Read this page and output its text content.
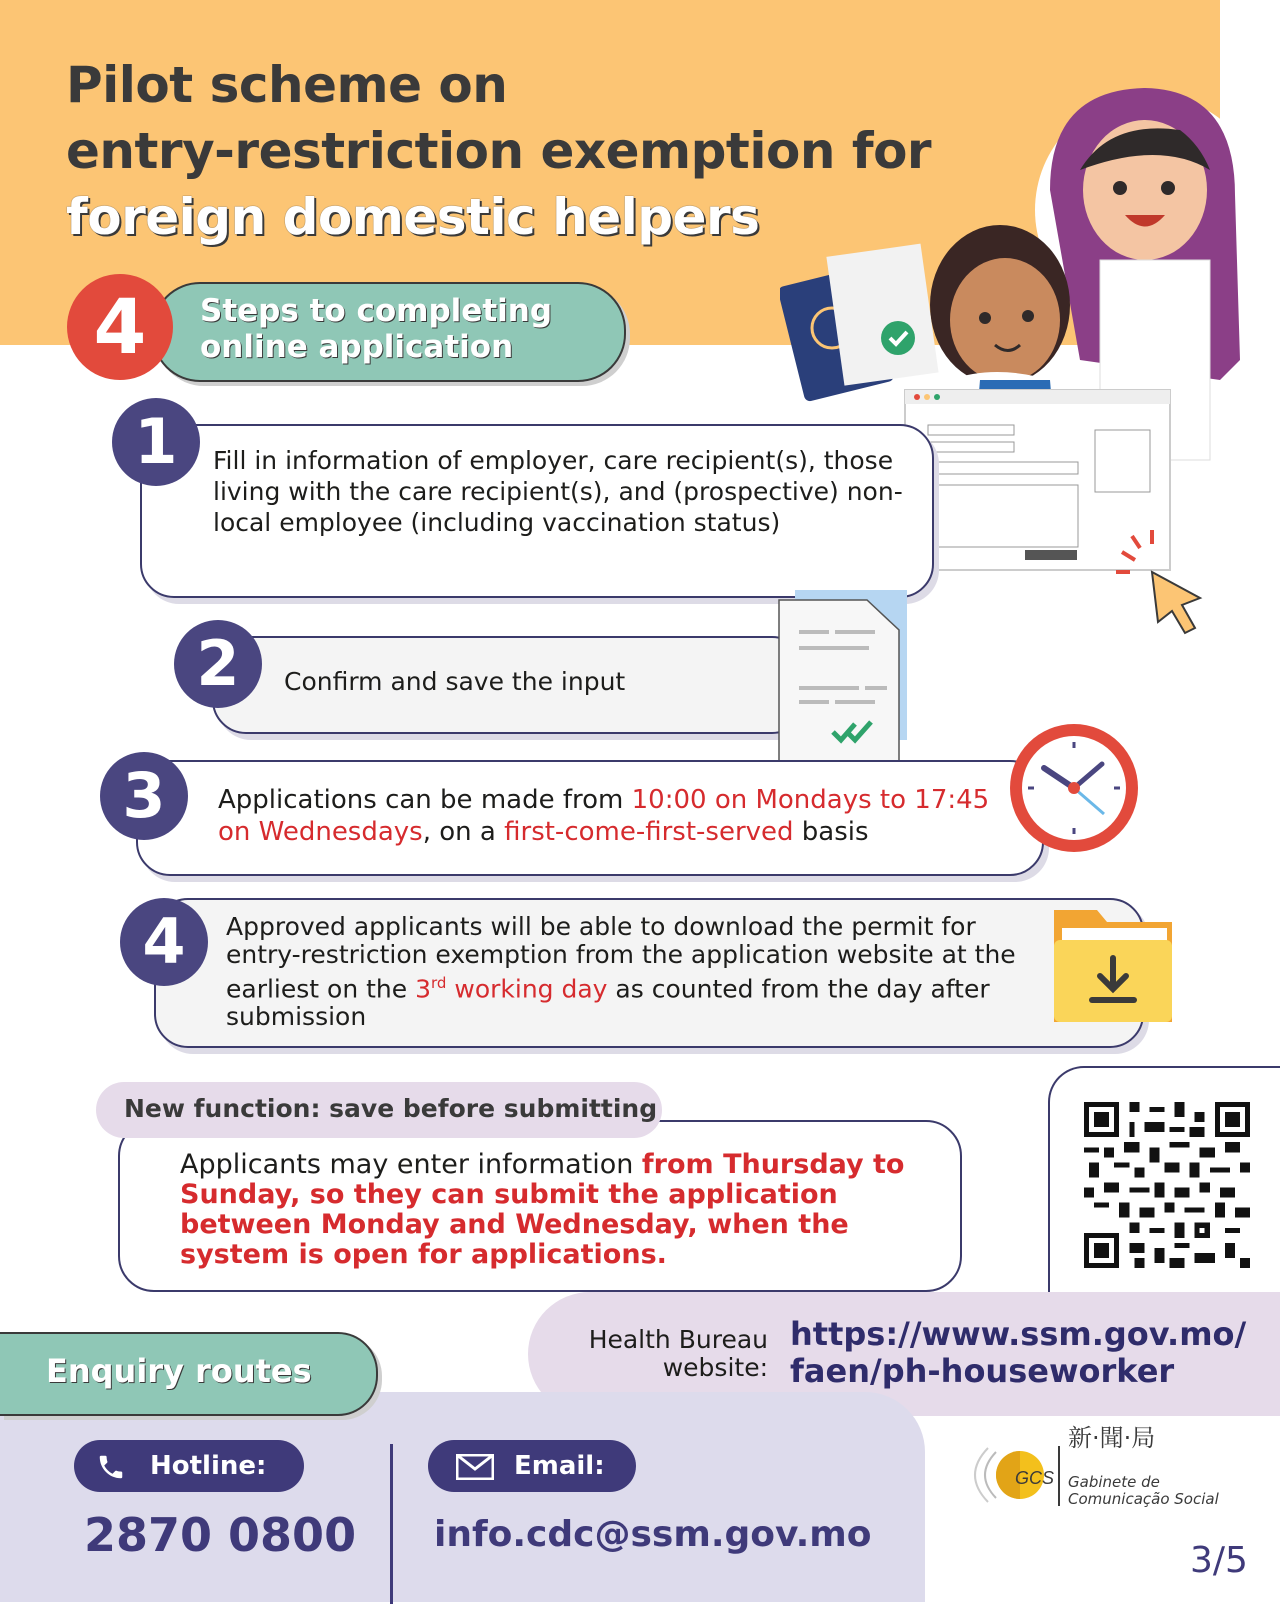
Pilot scheme on
entry-restriction exemption for
foreign domestic helpers
Steps to completing
online application
4
1	Fill in information of employer, care recipient(s), those living with the care recipient(s), and (prospective) non-local employee (including vaccination status)
2	Confirm and save the input
3	Applications can be made from 10:00 on Mondays to 17:45 on Wednesdays, on a first-come-first-served basis
4	Approved applicants will be able to download the permit for entry-restriction exemption from the application website at the earliest on the 3rd working day as counted from the day after submission
New function: save before submitting
Applicants may enter information from Thursday to Sunday, so they can submit the application between Monday and Wednesday, when the system is open for applications.
Health Bureau
website:
https://www.ssm.gov.mo/
faen/ph-houseworker
Enquiry routes
Hotline:
2870 0800
Email:
info.cdc@ssm.gov.mo
GCS
新·聞·局
Gabinete de
Comunicação Social
3/5
